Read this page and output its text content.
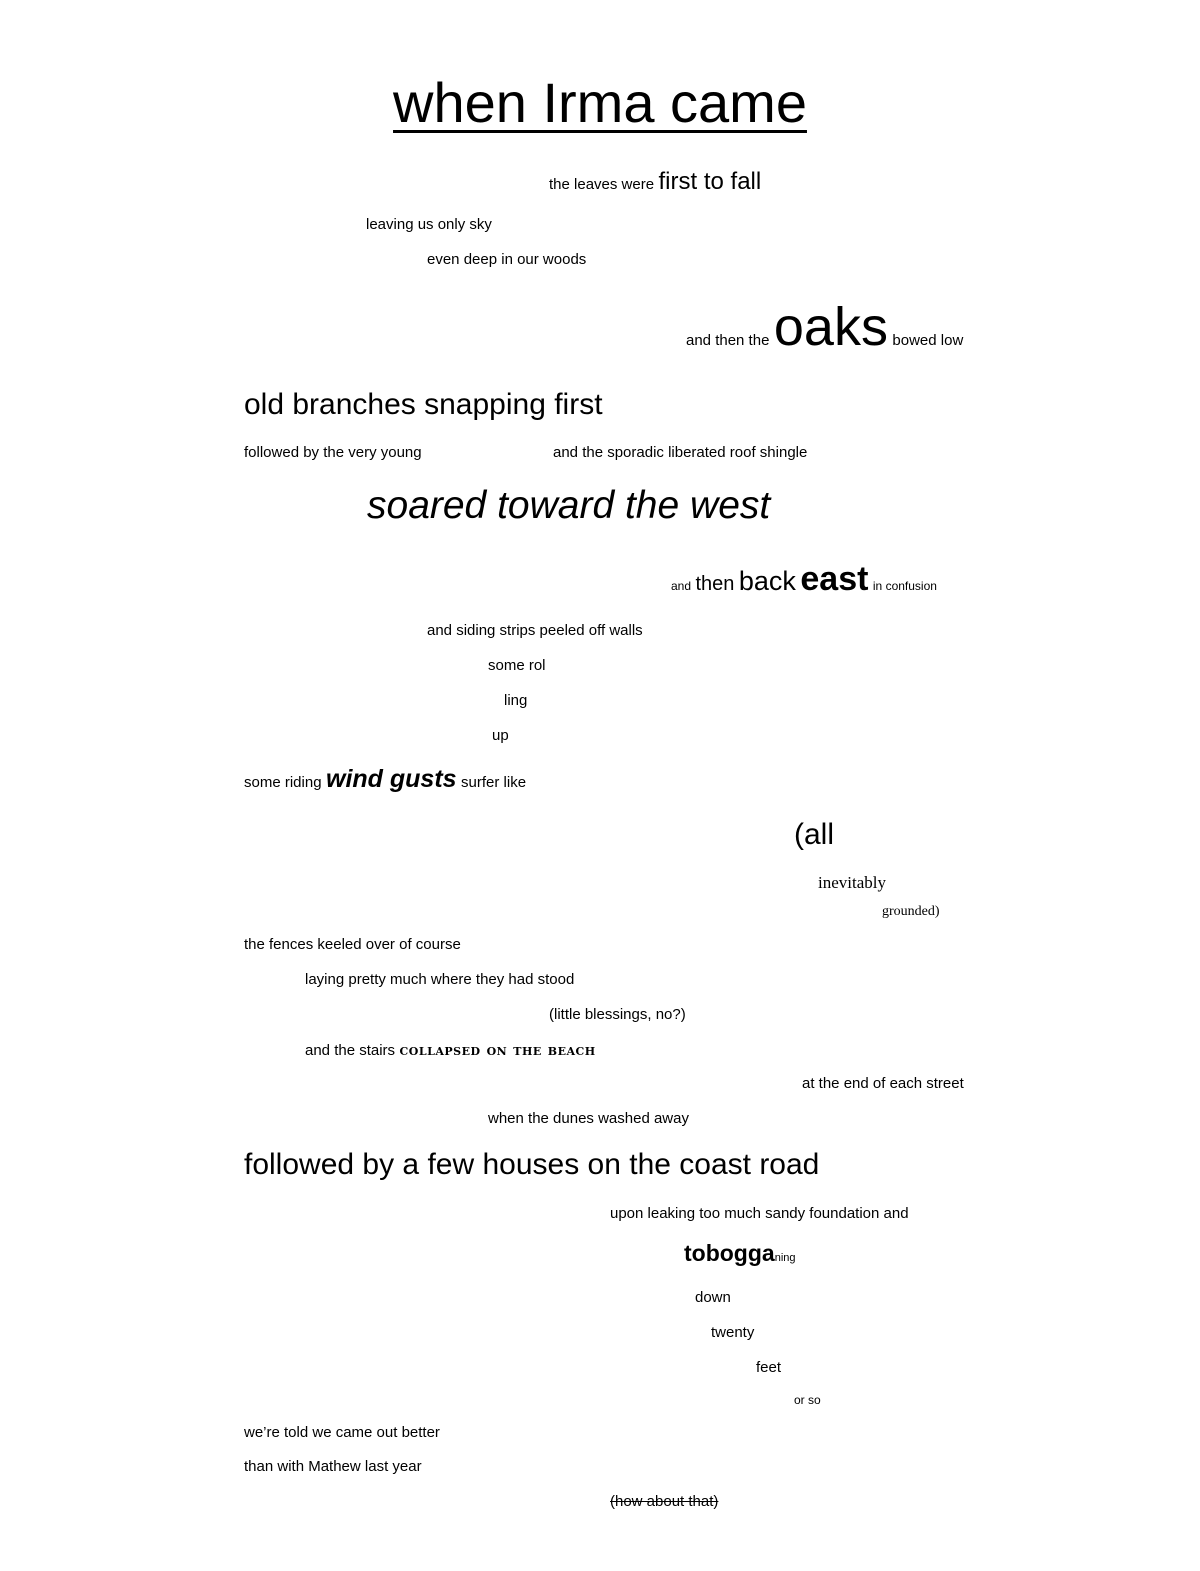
when Irma came
the leaves were first to fall
leaving us only sky
even deep in our woods
and then the oaks bowed low
old branches snapping first
followed by the very young	and the sporadic liberated roof shingle
soared toward the west
and then back east in confusion
and siding strips peeled off walls
some rol
ling
up
some riding wind gusts surfer like
(all
inevitably
grounded)
the fences keeled over of course
laying pretty much where they had stood
(little blessings, no?)
and the stairs collapsed on the beach
at the end of each street
when the dunes washed away
followed by a few houses on the coast road
upon leaking too much sandy foundation and
tobogganing
down
twenty
feet
or so
we’re told we came out better
than with Mathew last year
(how about that)
